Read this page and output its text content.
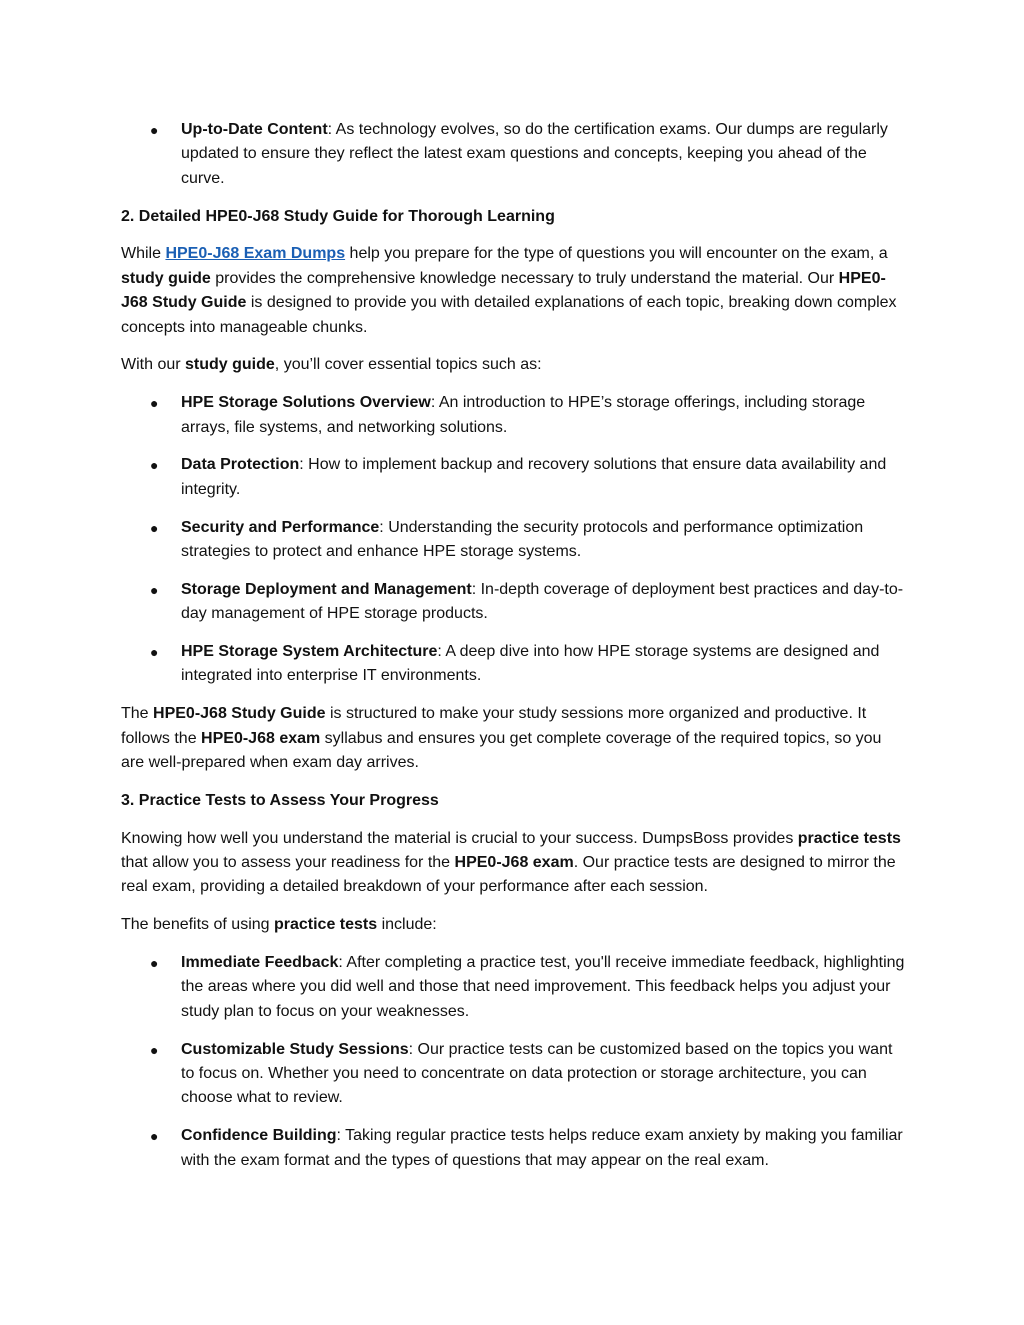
● Up-to-Date Content: As technology evolves, so do the certification exams. Our dumps are regularly updated to ensure they reflect the latest exam questions and concepts, keeping you ahead of the curve.
2. Detailed HPE0-J68 Study Guide for Thorough Learning

While HPE0-J68 Exam Dumps help you prepare for the type of questions you will encounter on the exam, a study guide provides the comprehensive knowledge necessary to truly understand the material. Our HPE0-J68 Study Guide is designed to provide you with detailed explanations of each topic, breaking down complex concepts into manageable chunks.

With our study guide, you’ll cover essential topics such as:

● HPE Storage Solutions Overview: An introduction to HPE’s storage offerings, including storage arrays, file systems, and networking solutions.
● Data Protection: How to implement backup and recovery solutions that ensure data availability and integrity.
● Security and Performance: Understanding the security protocols and performance optimization strategies to protect and enhance HPE storage systems.
● Storage Deployment and Management: In-depth coverage of deployment best practices and day-to-day management of HPE storage products.
● HPE Storage System Architecture: A deep dive into how HPE storage systems are designed and integrated into enterprise IT environments.

The HPE0-J68 Study Guide is structured to make your study sessions more organized and productive. It follows the HPE0-J68 exam syllabus and ensures you get complete coverage of the required topics, so you are well-prepared when exam day arrives.

3. Practice Tests to Assess Your Progress

Knowing how well you understand the material is crucial to your success. DumpsBoss provides practice tests that allow you to assess your readiness for the HPE0-J68 exam. Our practice tests are designed to mirror the real exam, providing a detailed breakdown of your performance after each session.

The benefits of using practice tests include:

● Immediate Feedback: After completing a practice test, you'll receive immediate feedback, highlighting the areas where you did well and those that need improvement. This feedback helps you adjust your study plan to focus on your weaknesses.
● Customizable Study Sessions: Our practice tests can be customized based on the topics you want to focus on. Whether you need to concentrate on data protection or storage architecture, you can choose what to review.
● Confidence Building: Taking regular practice tests helps reduce exam anxiety by making you familiar with the exam format and the types of questions that may appear on the real exam.
